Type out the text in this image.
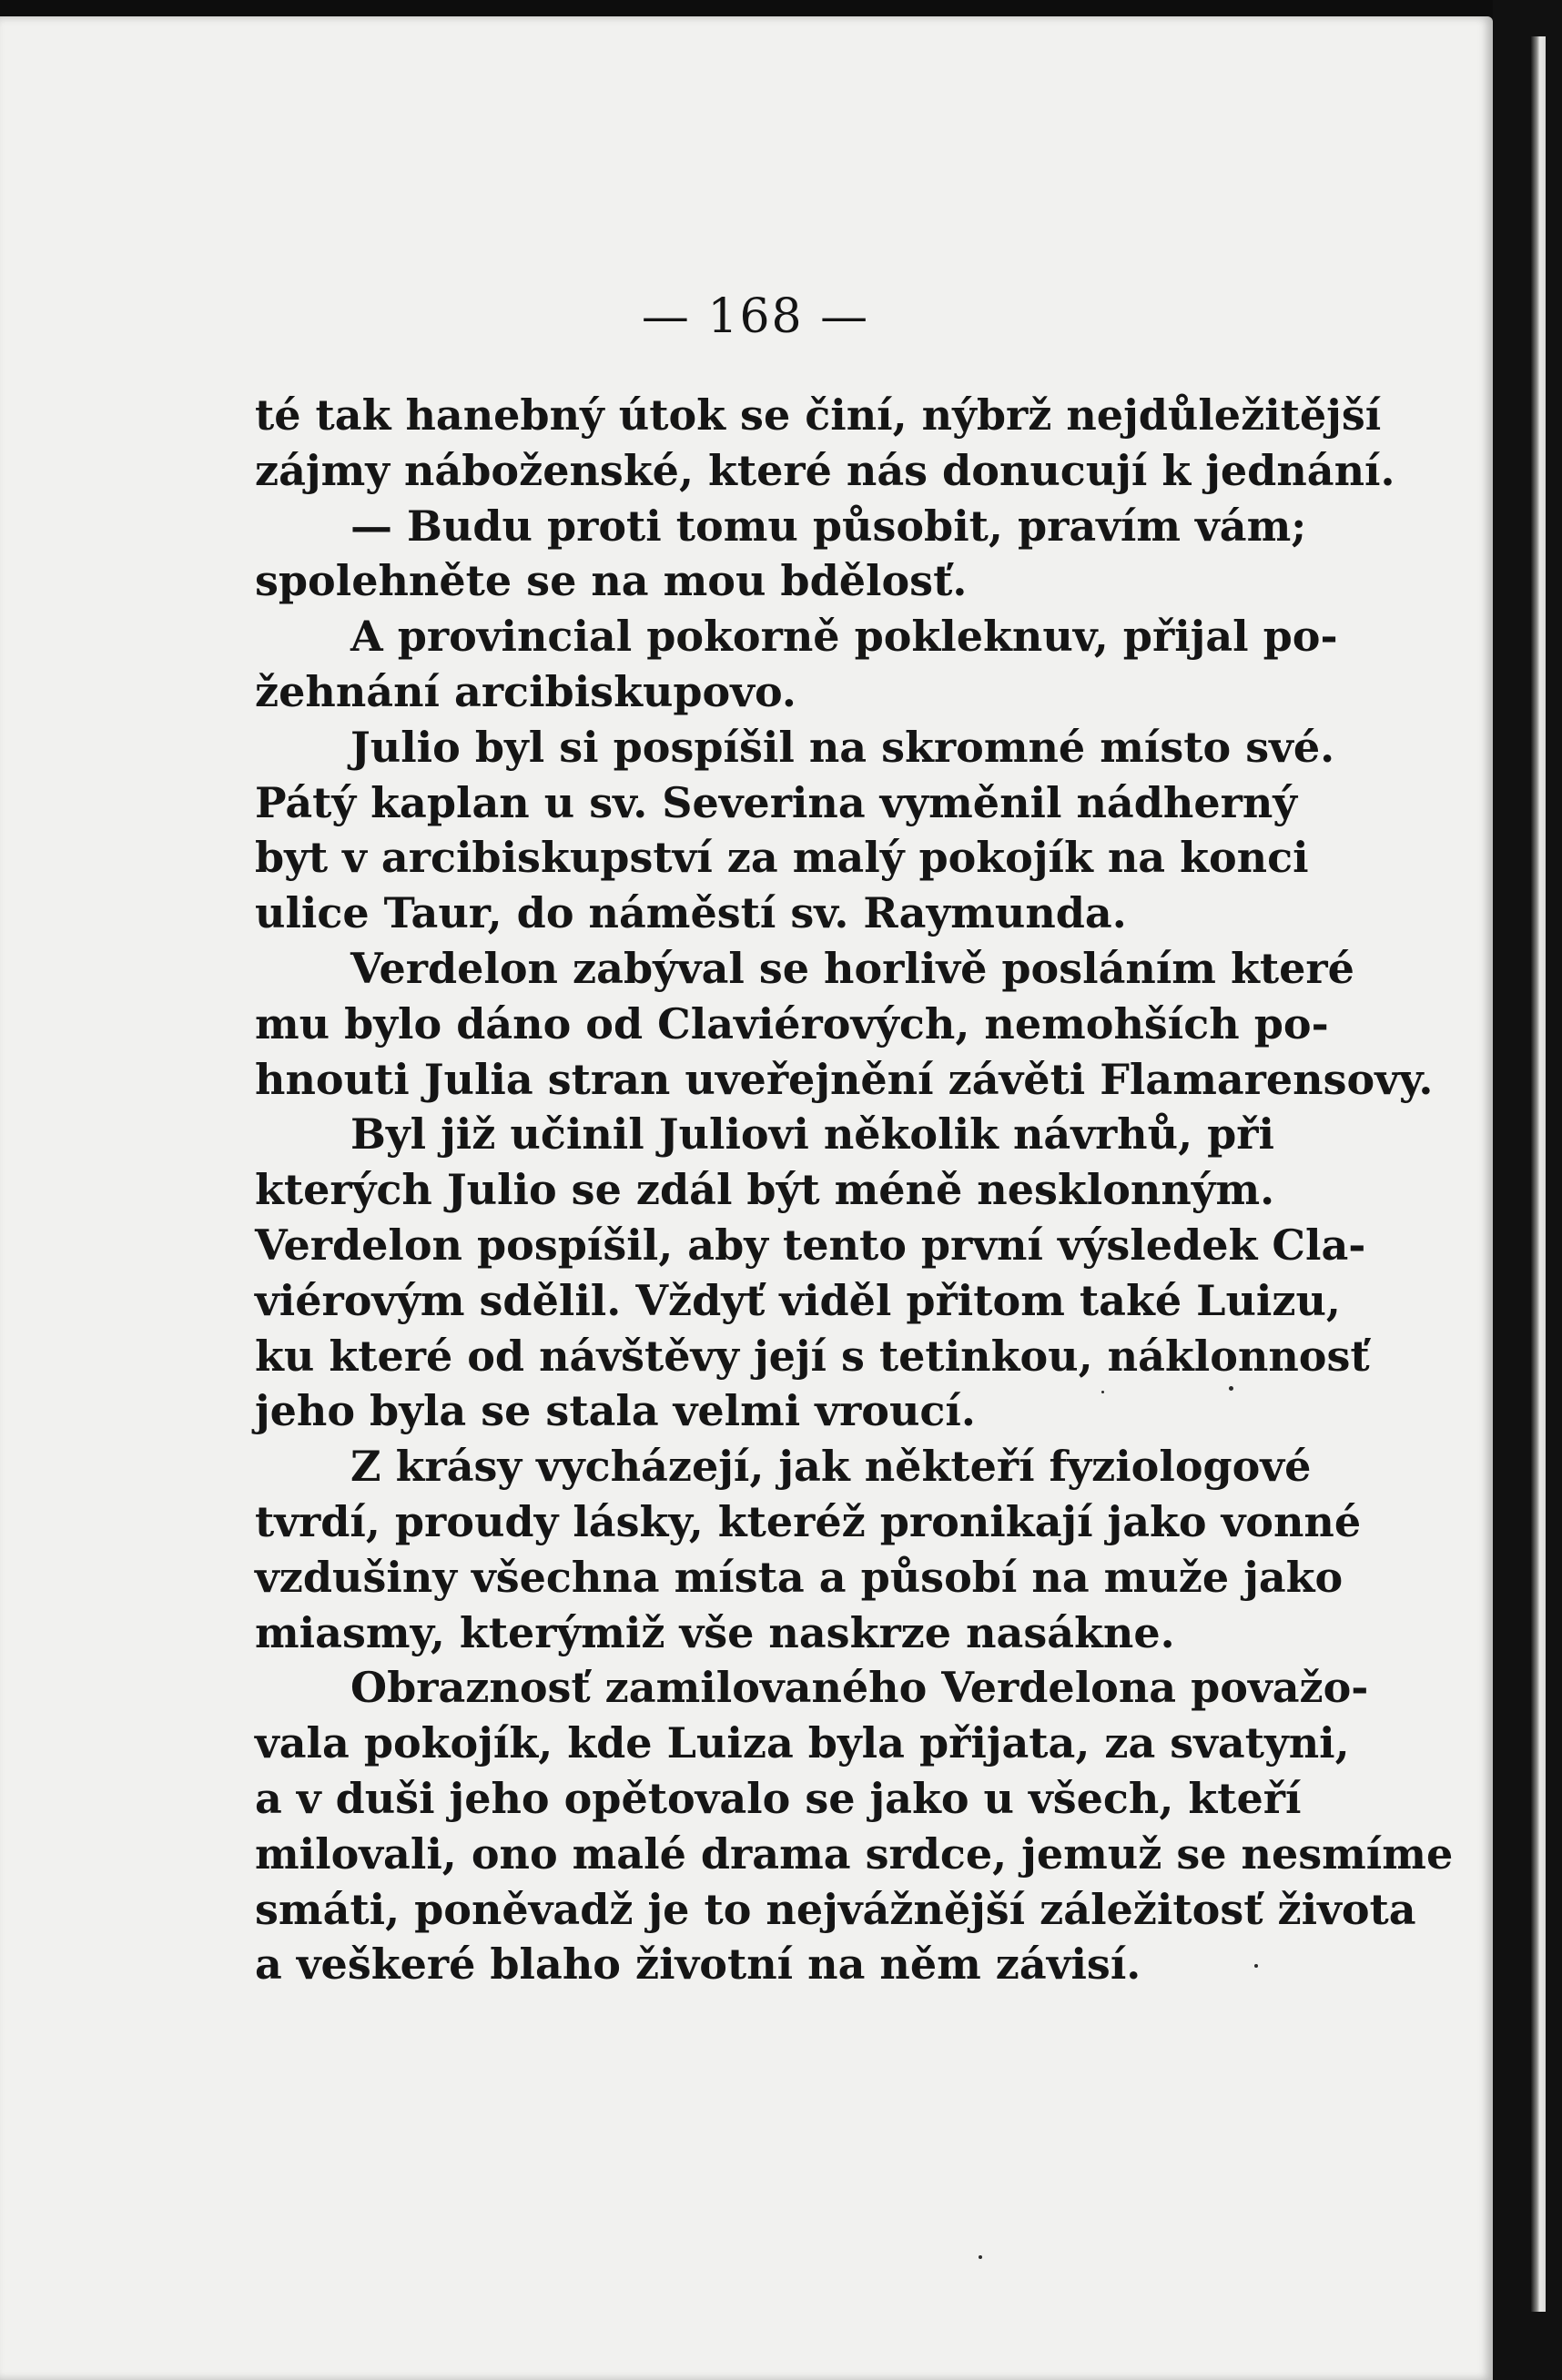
— 168 —
té tak hanebný útok se činí, nýbrž nejdůležitější
zájmy náboženské, které nás donucují k jednání.
— Budu proti tomu působit, pravím vám;
spolehněte se na mou bdělosť.
A provincial pokorně pokleknuv, přijal po-
žehnání arcibiskupovo.
Julio byl si pospíšil na skromné místo své.
Pátý kaplan u sv. Severina vyměnil nádherný
byt v arcibiskupství za malý pokojík na konci
ulice Taur, do náměstí sv. Raymunda.
Verdelon zabýval se horlivě posláním které
mu bylo dáno od Claviérových, nemohších po-
hnouti Julia stran uveřejnění závěti Flamarensovy.
Byl již učinil Juliovi několik návrhů, při
kterých Julio se zdál být méně nesklonným.
Verdelon pospíšil, aby tento první výsledek Cla-
viérovým sdělil. Vždyť viděl přitom také Luizu,
ku které od návštěvy její s tetinkou, náklonnosť
jeho byla se stala velmi vroucí.
Z krásy vycházejí, jak někteří fyziologové
tvrdí, proudy lásky, kteréž pronikají jako vonné
vzdušiny všechna místa a působí na muže jako
miasmy, kterýmiž vše naskrze nasákne.
Obraznosť zamilovaného Verdelona považo-
vala pokojík, kde Luiza byla přijata, za svatyni,
a v duši jeho opětovalo se jako u všech, kteří
milovali, ono malé drama srdce, jemuž se nesmíme
smáti, poněvadž je to nejvážnější záležitosť života
a veškeré blaho životní na něm závisí.
